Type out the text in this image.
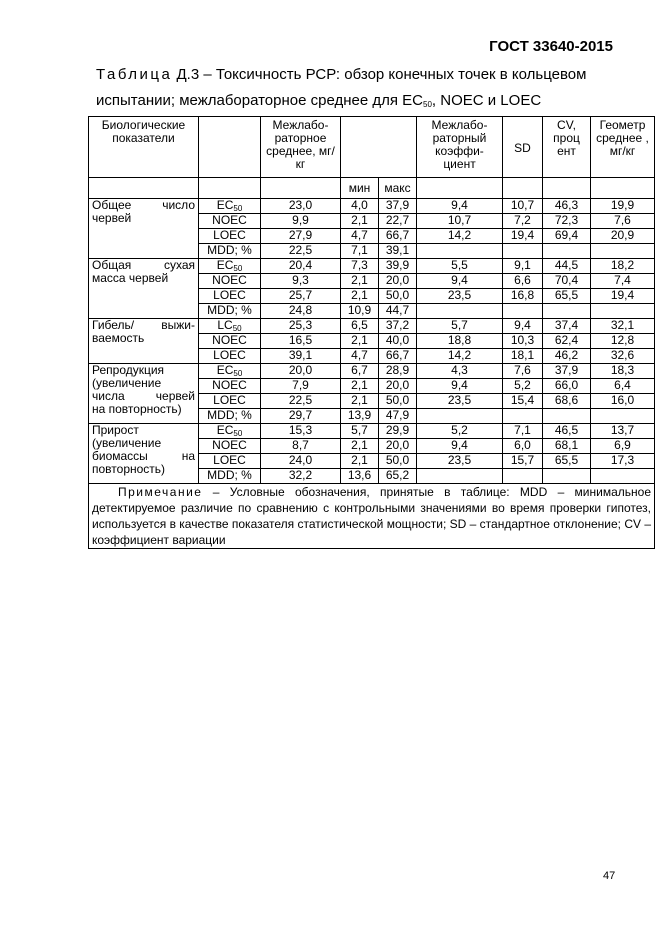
ГОСТ 33640-2015
Таблица Д.3 – Токсичность РСР: обзор конечных точек в кольцевом
испытании; межлабораторное среднее для $EC_{50}$, NOEC и LOEC
Биологические показатели		Межлабо-раторное среднее, мг/кг			Межлабо-раторный коэффи-циент	SD	CV, проц ент	Геометр среднее , мг/кг
			мин	макс				

Общее число
червей	$EC_{50}$	23,0	4,0	37,9	9,4	10,7	46,3	19,9
	NOEC	9,9	2,1	22,7	10,7	7,2	72,3	7,6
	LOEC	27,9	4,7	66,7	14,2	19,4	69,4	20,9
	MDD; %	22,5	7,1	39,1				

Общая сухая
масса червей	$EC_{50}$	20,4	7,3	39,9	5,5	9,1	44,5	18,2
	NOEC	9,3	2,1	20,0	9,4	6,6	70,4	7,4
	LOEC	25,7	2,1	50,0	23,5	16,8	65,5	19,4
	MDD; %	24,8	10,9	44,7				

Гибель/ выжи-
ваемость	$LC_{50}$	25,3	6,5	37,2	5,7	9,4	37,4	32,1
	NOEC	16,5	2,1	40,0	18,8	10,3	62,4	12,8
	LOEC	39,1	4,7	66,7	14,2	18,1	46,2	32,6

Репродукция
(увеличение
числа червей
на повторность)	$EC_{50}$	20,0	6,7	28,9	4,3	7,6	37,9	18,3
	NOEC	7,9	2,1	20,0	9,4	5,2	66,0	6,4
	LOEC	22,5	2,1	50,0	23,5	15,4	68,6	16,0
	MDD; %	29,7	13,9	47,9				

Прирост
(увеличение
биомассы на
повторность)	$EC_{50}$	15,3	5,7	29,9	5,2	7,1	46,5	13,7
	NOEC	8,7	2,1	20,0	9,4	6,0	68,1	6,9
	LOEC	24,0	2,1	50,0	23,5	15,7	65,5	17,3
	MDD; %	32,2	13,6	65,2				
Примечание – Условные обозначения, принятые в таблице: MDD – минимальное детектируемое различие по сравнению с контрольными значениями во время проверки гипотез, используется в качестве показателя статистической мощности; SD – стандартное отклонение; CV – коэффициент вариации								
47
